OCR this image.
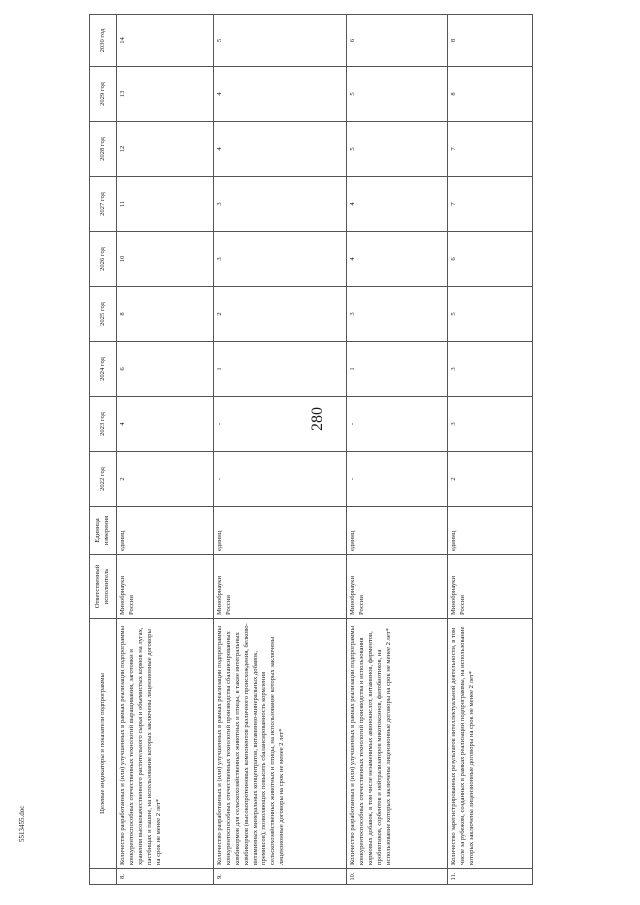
280
	Целевые индикаторы и показатели подпрограммы	Ответственный исполнитель	Единица измерения	2022 год	2023 год	2024 год	2025 год	2026 год	2027 год	2028 год	2029 год	2030 год
8.	Количество разработанных и (или) улучшенных в рамках реализации подпрограммы конкурентоспособных отечественных технологий выращивания, заготовки и хранения высококачественного растительного сырья и объемистых кормов на лугах, пастбищах и пашне, на использование которых заключены лицензионные договоры на срок не менее 2 лет*	Минобрнауки России	единиц	2	4	6	8	10	11	12	13	14
9.	Количество разработанных и (или) улучшенных в рамках реализации подпрограммы конкурентоспособных отечественных технологий производства сбалансированных комбикормов для сельскохозяйственных животных и птицы, в такие интегральных комбикормов (высокопротеиновых компонентов различного происхождения, белково-витаминных минеральных концентратов, витаминно-минеральных добавок, премиксов), позволяющих повысить сбалансированность кормления сельскохозяйственных животных и птицы, на использование которых заключены лицензионные договоры на срок не менее 2 лет*	Минобрнауки России	единиц	-	-	1	2	3	3	4	4	5
10.	Количество разработанных и (или) улучшенных в рамках реализации подпрограммы конкурентоспособных отечественных технологий производства и использования кормовых добавок, в том числе незаменимых аминокислот, витаминов, ферментов, пробиотиков, сорбентов и нейтрализаторов микотоксинов, фитобиотиков, на использование которых заключены лицензионные договоры на срок не менее 2 лет*	Минобрнауки России	единиц	-	-	1	3	4	4	5	5	6
11.	Количество зарегистрированных результатов интеллектуальной деятельности, в том числе за рубежом, созданных в рамках реализации подпрограммы, на использование которых заключены лицензионные договоры на срок не менее 2 лет*	Минобрнауки России	единиц	2	3	3	5	6	7	7	8	8
5513455.doc
